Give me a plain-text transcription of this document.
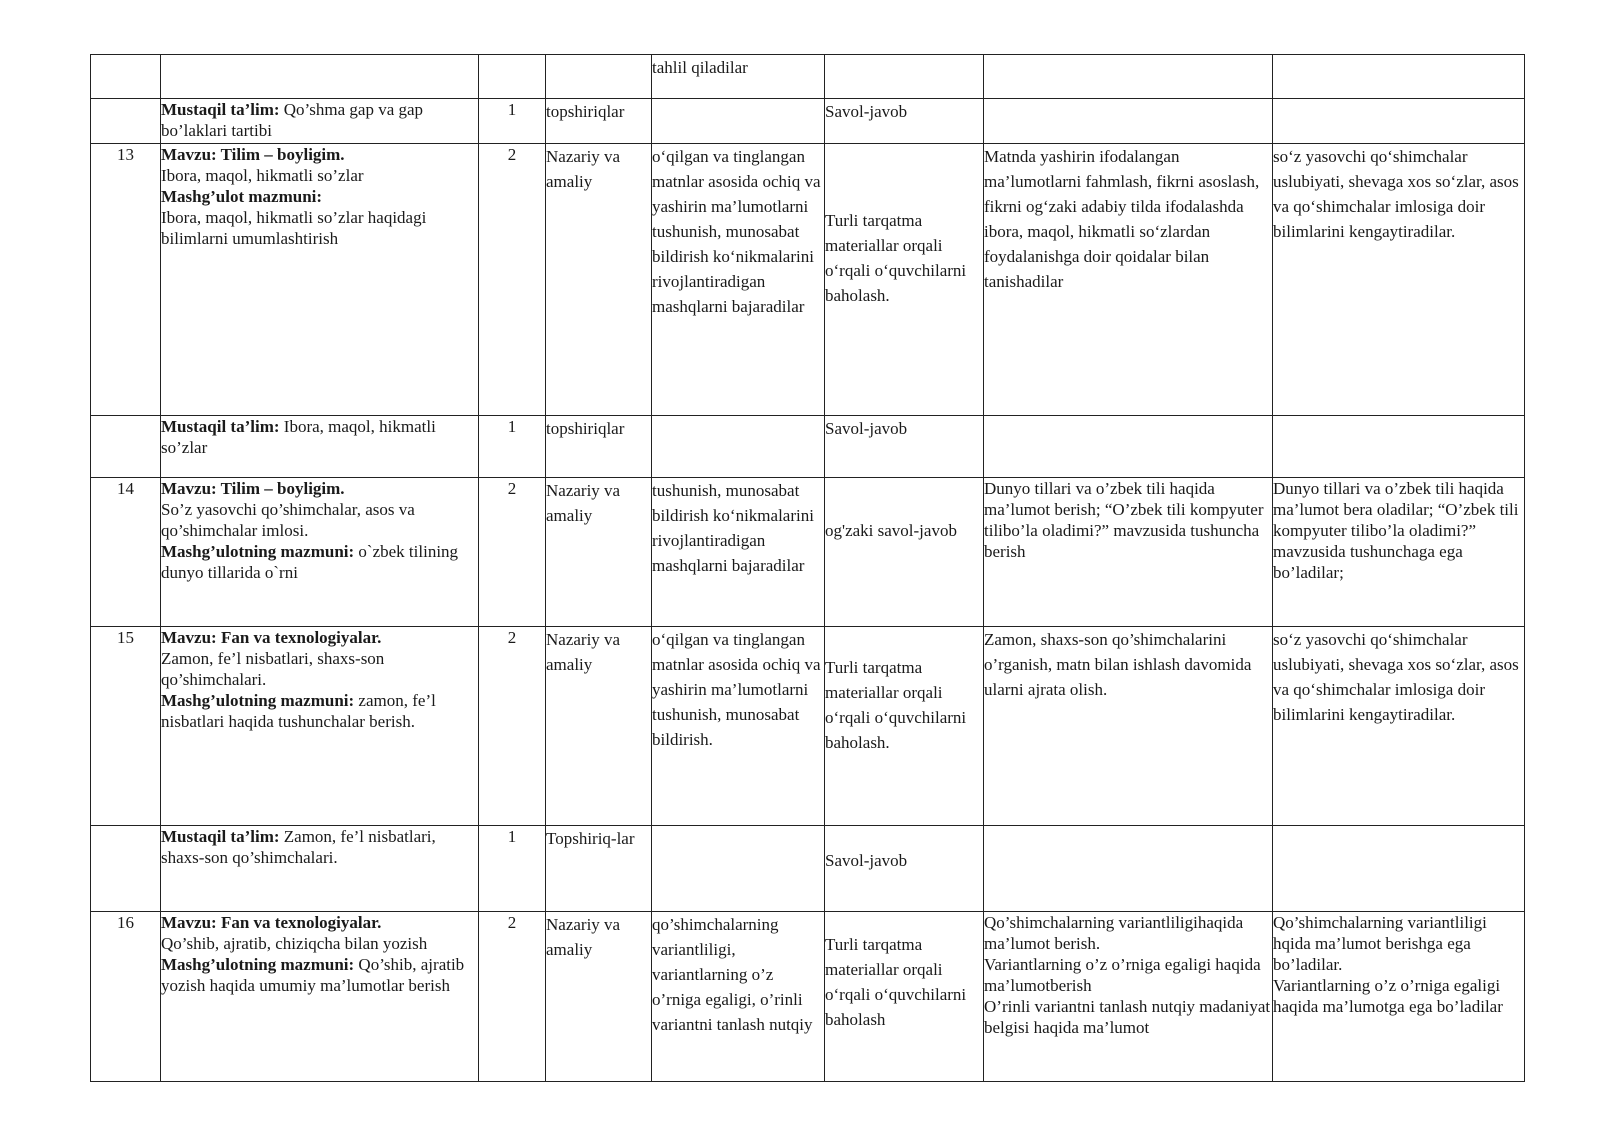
				tahlil qiladilar			

	Mustaqil ta’lim: Qo’shma gap va gap bo’laklari tartibi	1	topshiriqlar		Savol-javob		
13	Mavzu: Tilim – boyligim.
Ibora, maqol, hikmatli so’zlar
Mashg’ulot mazmuni:
Ibora, maqol, hikmatli so’zlar haqidagi bilimlarni umumlashtirish	2	Nazariy va amaliy	o‘qilgan va tinglangan matnlar asosida ochiq va yashirin ma’lumotlarni tushunish, munosabat bildirish ko‘nikmalarini rivojlantiradigan mashqlarni bajaradilar	Turli tarqatma materiallar orqali o‘rqali o‘quvchilarni baholash.	Matnda yashirin ifodalangan ma’lumotlarni fahmlash, fikrni asoslash, fikrni og‘zaki adabiy tilda ifodalashda ibora, maqol, hikmatli so‘zlardan foydalanishga doir qoidalar bilan tanishadilar	so‘z yasovchi qo‘shimchalar uslubiyati, shevaga xos so‘zlar, asos va qo‘shimchalar imlosiga doir bilimlarini kengaytiradilar.

	Mustaqil ta’lim: Ibora, maqol, hikmatli so’zlar	1	topshiriqlar		Savol-javob		
14	Mavzu: Tilim – boyligim.
So’z yasovchi qo’shimchalar, asos va qo’shimchalar imlosi.
Mashg’ulotning mazmuni: o`zbek tilining dunyo tillarida o`rni	2	Nazariy va amaliy	tushunish, munosabat bildirish ko‘nikmalarini rivojlantiradigan mashqlarni bajaradilar	og'zaki savol-javob	Dunyo tillari va o’zbek tili haqida ma’lumot berish; “O’zbek tili kompyuter tilibo’la oladimi?” mavzusida tushuncha berish	Dunyo tillari va o’zbek tili haqida ma’lumot bera oladilar; “O’zbek tili kompyuter tilibo’la oladimi?” mavzusida tushunchaga ega bo’ladilar;
15	Mavzu: Fan va texnologiyalar.
Zamon, fe’l nisbatlari, shaxs-son qo’shimchalari.
Mashg’ulotning mazmuni: zamon, fe’l nisbatlari haqida tushunchalar berish.	2	Nazariy va amaliy	o‘qilgan va tinglangan matnlar asosida ochiq va yashirin ma’lumotlarni tushunish, munosabat bildirish.	Turli tarqatma materiallar orqali o‘rqali o‘quvchilarni baholash.	Zamon, shaxs-son qo’shimchalarini o’rganish, matn bilan ishlash davomida ularni ajrata olish.	so‘z yasovchi qo‘shimchalar uslubiyati, shevaga xos so‘zlar, asos va qo‘shimchalar imlosiga doir bilimlarini kengaytiradilar.

	Mustaqil ta’lim: Zamon, fe’l nisbatlari, shaxs-son qo’shimchalari.	1	Topshiriq-lar		Savol-javob		
16	Mavzu: Fan va texnologiyalar.
Qo’shib, ajratib, chiziqcha bilan yozish
Mashg’ulotning mazmuni: Qo’shib, ajratib yozish haqida umumiy ma’lumotlar berish	2	Nazariy va amaliy	qo’shimchalarning variantliligi, variantlarning o’z o’rniga egaligi, o’rinli variantni tanlash nutqiy	Turli tarqatma materiallar orqali o‘rqali o‘quvchilarni baholash	Qo’shimchalarning variantliligihaqida ma’lumot berish.
Variantlarning o’z o’rniga egaligi haqida ma’lumotberish
O’rinli variantni tanlash nutqiy madaniyat belgisi haqida ma’lumot	Qo’shimchalarning variantliligi hqida ma’lumot berishga ega bo’ladilar.
Variantlarning o’z o’rniga egaligi haqida ma’lumotga ega bo’ladilar
